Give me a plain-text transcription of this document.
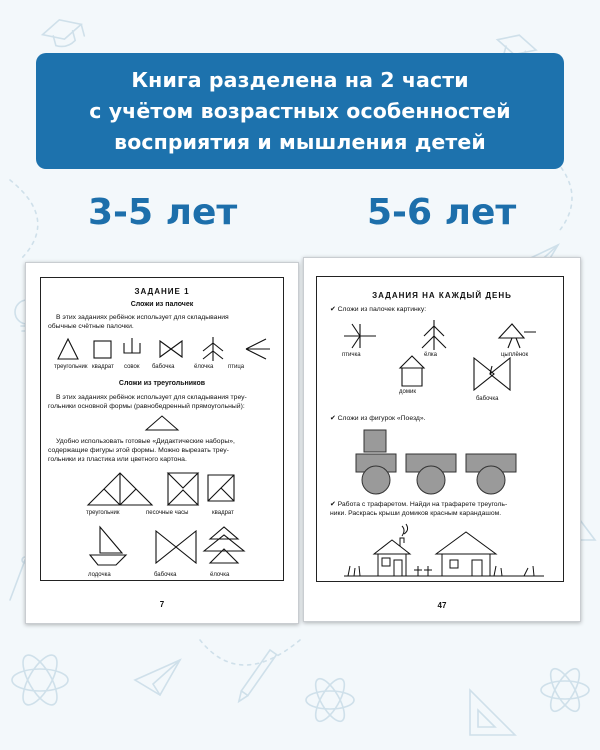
Книга разделена на 2 части
с учётом возрастных особенностей
восприятия и мышления детей
3-5 лет	5-6 лет
ЗАДАНИЕ 1
Сложи из палочек
В этих заданиях ребёнок использует для складывания
обычные счётные палочки.
треугольник квадрат совок бабочка	ёлочка птица
Сложи из треугольников
В этих заданиях ребёнок использует для складывания треу-
гольники основной формы (равнобедренный прямоугольный):
Удобно использовать готовые «Дидактические наборы»,
содержащие фигуры этой формы. Можно вырезать треу-
гольники из пластика или цветного картона.
треугольник	песочные часы	квадрат
лодочка	бабочка	ёлочка
7
ЗАДАНИЯ НА КАЖДЫЙ ДЕНЬ
✔ Сложи из палочек картинку:
птичка	ёлка	цыплёнок
домик
бабочка
✔ Сложи из фигурок «Поезд».
✔ Работа с трафаретом. Найди на трафарете треуголь-
ники. Раскрась крыши домиков красным карандашом.
47
